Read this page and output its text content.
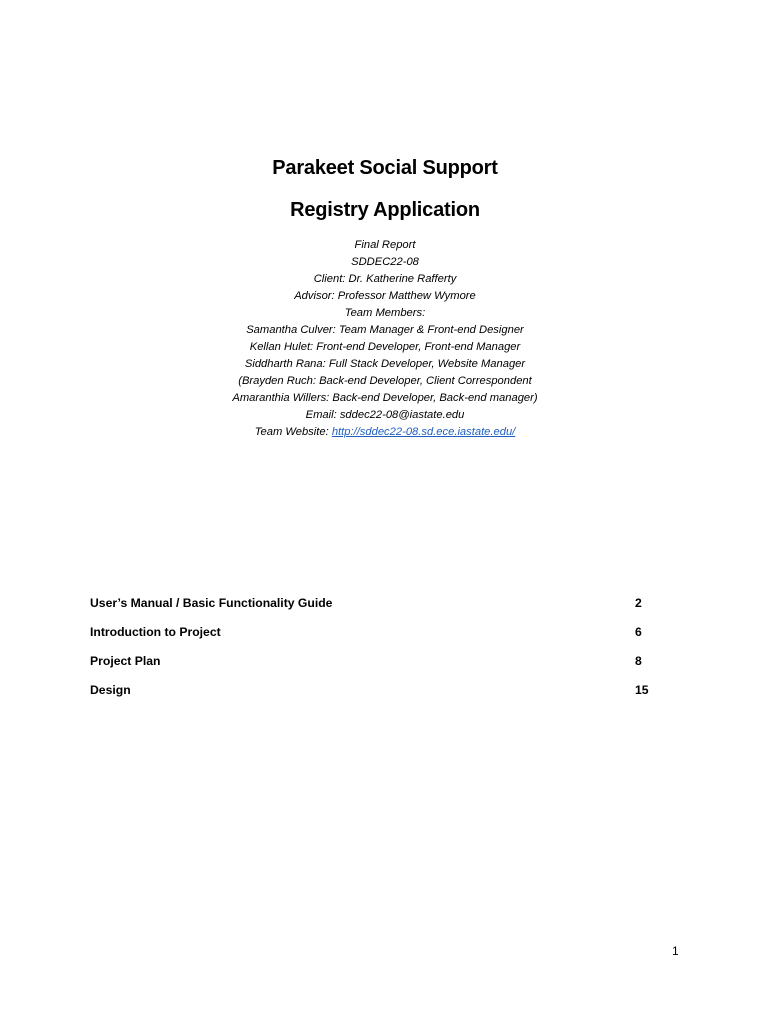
Parakeet Social Support
Registry Application
Final Report
SDDEC22-08
Client: Dr. Katherine Rafferty
Advisor: Professor Matthew Wymore
Team Members:
Samantha Culver: Team Manager & Front-end Designer
Kellan Hulet: Front-end Developer, Front-end Manager
Siddharth Rana: Full Stack Developer, Website Manager
(Brayden Ruch: Back-end Developer, Client Correspondent
Amaranthia Willers: Back-end Developer, Back-end manager)
Email: sddec22-08@iastate.edu
Team Website: http://sddec22-08.sd.ece.iastate.edu/
User’s Manual / Basic Functionality Guide	2
Introduction to Project	6
Project Plan	8
Design	15
1
